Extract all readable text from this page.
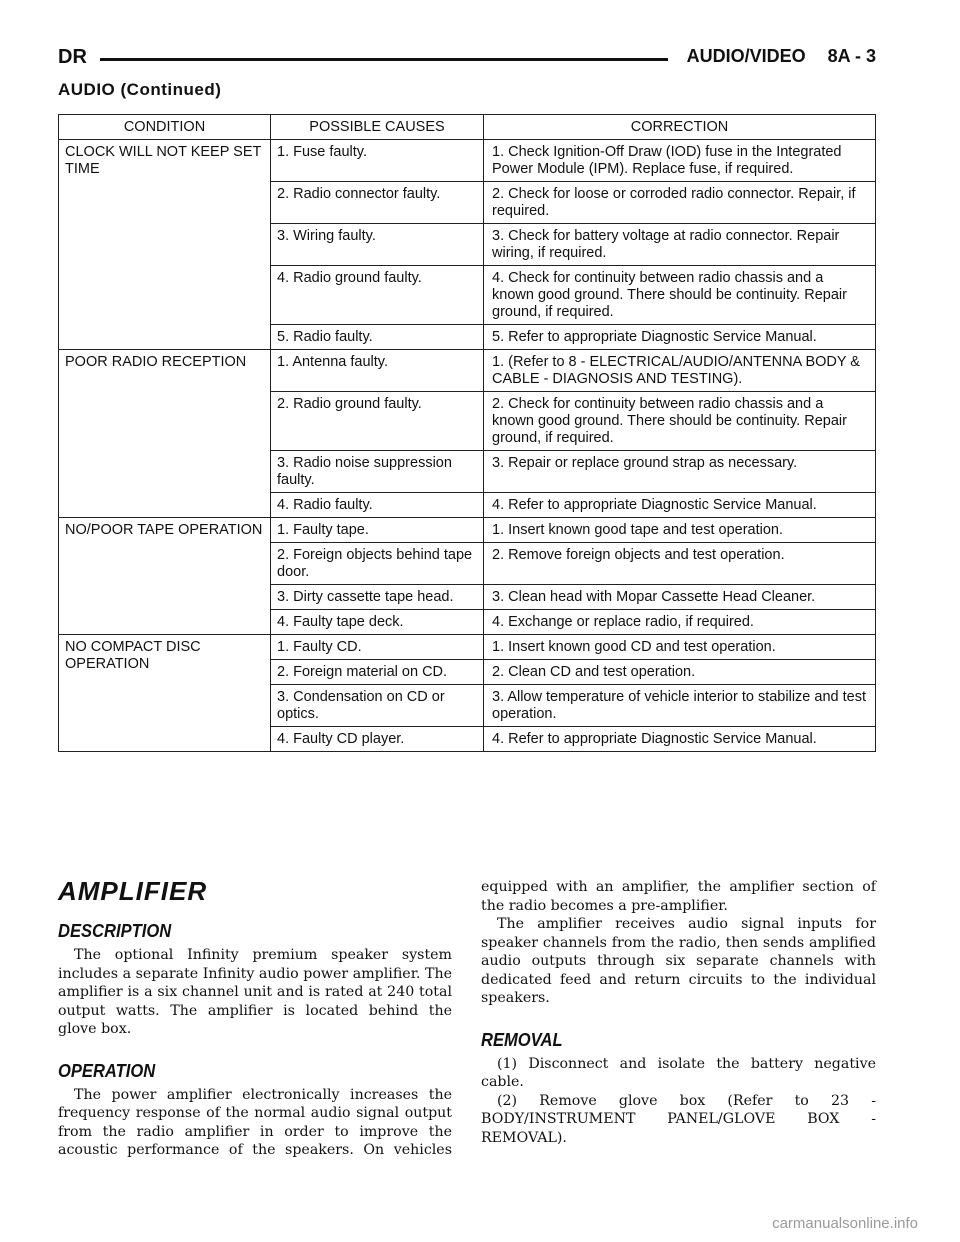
DR	AUDIO/VIDEO 8A - 3
AUDIO (Continued)
CONDITION	POSSIBLE CAUSES	CORRECTION
CLOCK WILL NOT KEEP SET TIME	1. Fuse faulty.	1. Check Ignition-Off Draw (IOD) fuse in the Integrated Power Module (IPM). Replace fuse, if required.
	2. Radio connector faulty.	2. Check for loose or corroded radio connector. Repair, if required.
	3. Wiring faulty.	3. Check for battery voltage at radio connector. Repair wiring, if required.
	4. Radio ground faulty.	4. Check for continuity between radio chassis and a known good ground. There should be continuity. Repair ground, if required.
	5. Radio faulty.	5. Refer to appropriate Diagnostic Service Manual.
POOR RADIO RECEPTION	1. Antenna faulty.	1. (Refer to 8 - ELECTRICAL/AUDIO/ANTENNA BODY & CABLE - DIAGNOSIS AND TESTING).
	2. Radio ground faulty.	2. Check for continuity between radio chassis and a known good ground. There should be continuity. Repair ground, if required.
	3. Radio noise suppression faulty.	3. Repair or replace ground strap as necessary.
	4. Radio faulty.	4. Refer to appropriate Diagnostic Service Manual.
NO/POOR TAPE OPERATION	1. Faulty tape.	1. Insert known good tape and test operation.
	2. Foreign objects behind tape door.	2. Remove foreign objects and test operation.
	3. Dirty cassette tape head.	3. Clean head with Mopar Cassette Head Cleaner.
	4. Faulty tape deck.	4. Exchange or replace radio, if required.
NO COMPACT DISC OPERATION	1. Faulty CD.	1. Insert known good CD and test operation.
	2. Foreign material on CD.	2. Clean CD and test operation.
	3. Condensation on CD or optics.	3. Allow temperature of vehicle interior to stabilize and test operation.
	4. Faulty CD player.	4. Refer to appropriate Diagnostic Service Manual.
AMPLIFIER
DESCRIPTION

The optional Infinity premium speaker system includes a separate Infinity audio power amplifier. The amplifier is a six channel unit and is rated at 240 total output watts. The amplifier is located behind the glove box.

OPERATION

The power amplifier electronically increases the frequency response of the normal audio signal output from the radio amplifier in order to improve the acoustic performance of the speakers. On vehicles

equipped with an amplifier, the amplifier section of the radio becomes a pre-amplifier.

The amplifier receives audio signal inputs for speaker channels from the radio, then sends amplified audio outputs through six separate channels with dedicated feed and return circuits to the individual speakers.

REMOVAL

(1) Disconnect and isolate the battery negative cable.

(2) Remove glove box (Refer to 23 - BODY/INSTRUMENT PANEL/GLOVE BOX - REMOVAL).

carmanualsonline.info
